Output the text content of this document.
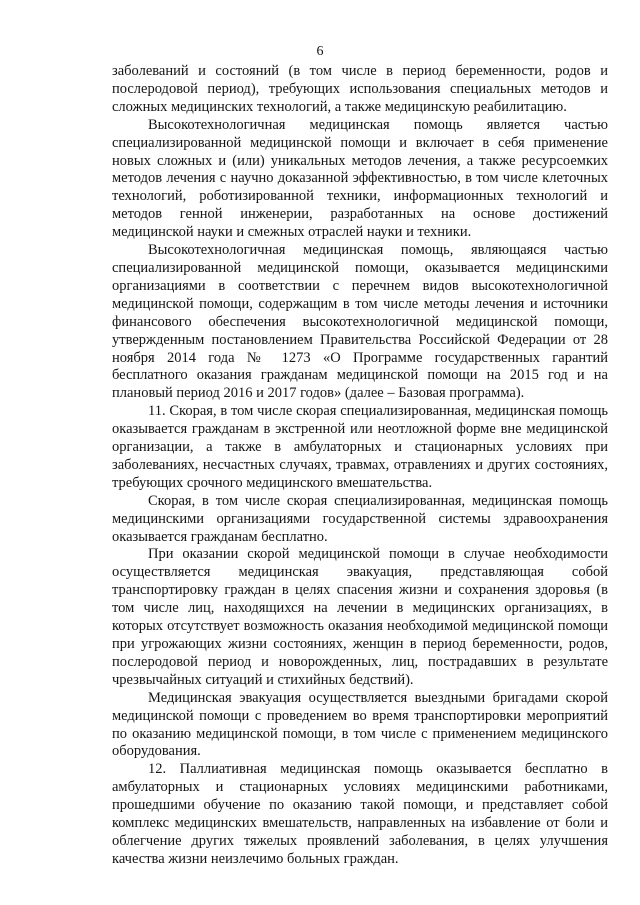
6

заболеваний и состояний (в том числе в период беременности, родов и послеродовой период), требующих использования специальных методов и сложных медицинских технологий, а также медицинскую реабилитацию.

Высокотехнологичная медицинская помощь является частью специализированной медицинской помощи и включает в себя применение новых сложных и (или) уникальных методов лечения, а также ресурсоемких методов лечения с научно доказанной эффективностью, в том числе клеточных технологий, роботизированной техники, информационных технологий и методов генной инженерии, разработанных на основе достижений медицинской науки и смежных отраслей науки и техники.

Высокотехнологичная медицинская помощь, являющаяся частью специализированной медицинской помощи, оказывается медицинскими организациями в соответствии с перечнем видов высокотехнологичной медицинской помощи, содержащим в том числе методы лечения и источники финансового обеспечения высокотехнологичной медицинской помощи, утвержденным постановлением Правительства Российской Федерации от 28 ноября 2014 года № 1273 «О Программе государственных гарантий бесплатного оказания гражданам медицинской помощи на 2015 год и на плановый период 2016 и 2017 годов» (далее – Базовая программа).

11. Скорая, в том числе скорая специализированная, медицинская помощь оказывается гражданам в экстренной или неотложной форме вне медицинской организации, а также в амбулаторных и стационарных условиях при заболеваниях, несчастных случаях, травмах, отравлениях и других состояниях, требующих срочного медицинского вмешательства.

Скорая, в том числе скорая специализированная, медицинская помощь медицинскими организациями государственной системы здравоохранения оказывается гражданам бесплатно.

При оказании скорой медицинской помощи в случае необходимости осуществляется медицинская эвакуация, представляющая собой транспортировку граждан в целях спасения жизни и сохранения здоровья (в том числе лиц, находящихся на лечении в медицинских организациях, в которых отсутствует возможность оказания необходимой медицинской помощи при угрожающих жизни состояниях, женщин в период беременности, родов, послеродовой период и новорожденных, лиц, пострадавших в результате чрезвычайных ситуаций и стихийных бедствий).

Медицинская эвакуация осуществляется выездными бригадами скорой медицинской помощи с проведением во время транспортировки мероприятий по оказанию медицинской помощи, в том числе с применением медицинского оборудования.

12. Паллиативная медицинская помощь оказывается бесплатно в амбулаторных и стационарных условиях медицинскими работниками, прошедшими обучение по оказанию такой помощи, и представляет собой комплекс медицинских вмешательств, направленных на избавление от боли и облегчение других тяжелых проявлений заболевания, в целях улучшения качества жизни неизлечимо больных граждан.
